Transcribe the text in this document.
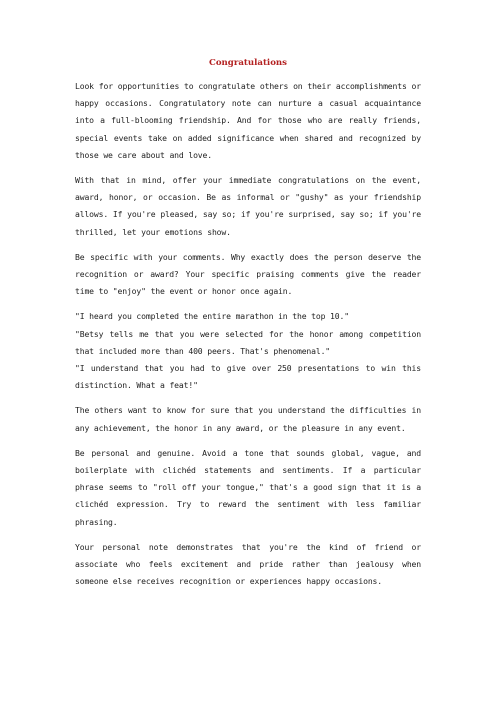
Congratulations

Look for opportunities to congratulate others on their accomplishments or happy occasions. Congratulatory note can nurture a casual acquaintance into a full-blooming friendship. And for those who are really friends, special events take on added significance when shared and recognized by those we care about and love.

With that in mind, offer your immediate congratulations on the event, award, honor, or occasion. Be as informal or "gushy" as your friendship allows. If you're pleased, say so; if you're surprised, say so; if you're thrilled, let your emotions show.

Be specific with your comments. Why exactly does the person deserve the recognition or award? Your specific praising comments give the reader time to "enjoy" the event or honor once again.

"I heard you completed the entire marathon in the top 10."

"Betsy tells me that you were selected for the honor among competition that included more than 400 peers. That's phenomenal."

"I understand that you had to give over 250 presentations to win this distinction. What a feat!"

The others want to know for sure that you understand the difficulties in any achievement, the honor in any award, or the pleasure in any event.

Be personal and genuine. Avoid a tone that sounds global, vague, and boilerplate with clichéd statements and sentiments. If a particular phrase seems to "roll off your tongue," that's a good sign that it is a clichéd expression. Try to reward the sentiment with less familiar phrasing.

Your personal note demonstrates that you're the kind of friend or associate who feels excitement and pride rather than jealousy when someone else receives recognition or experiences happy occasions.
